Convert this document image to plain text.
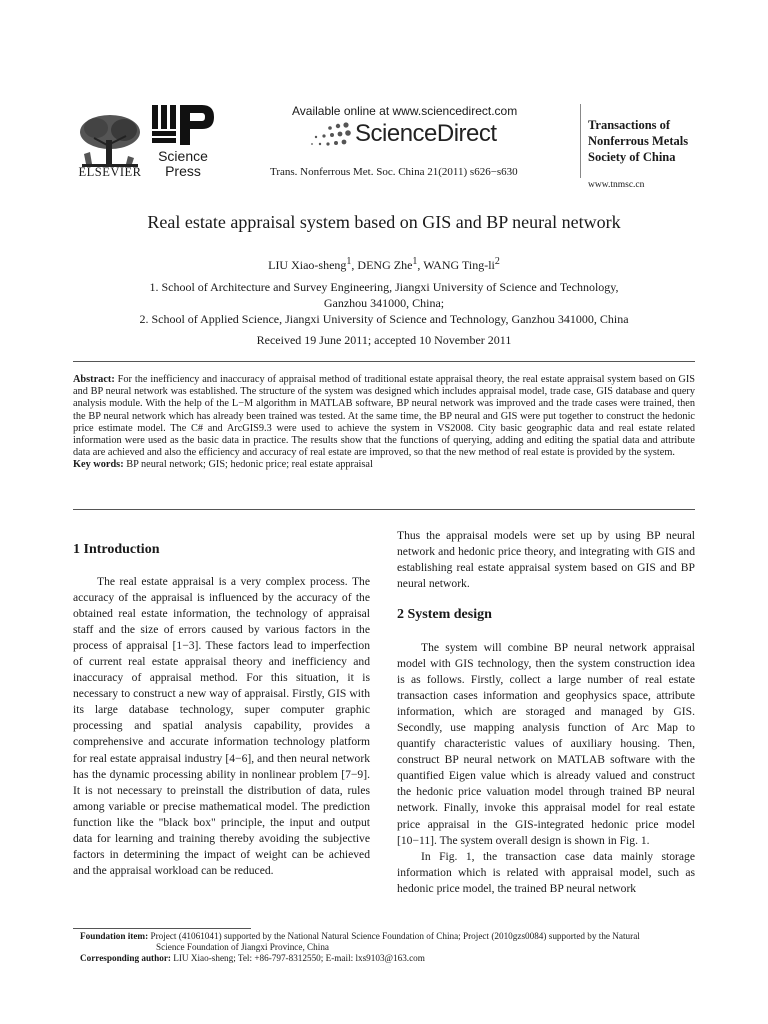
ELSEVIER
Science
Press
Available online at www.sciencedirect.com
ScienceDirect
Trans. Nonferrous Met. Soc. China 21(2011) s626−s630
Transactions of
Nonferrous Metals
Society of China
www.tnmsc.cn
Real estate appraisal system based on GIS and BP neural network
LIU Xiao-sheng$^1$, DENG Zhe$^1$, WANG Ting-$li^2$
1. School of Architecture and Survey Engineering, Jiangxi University of Science and Technology,
Ganzhou 341000, China;
2. School of Applied Science, Jiangxi University of Science and Technology, Ganzhou 341000, China
Received 19 June 2011; accepted 10 November 2011
Abstract: For the inefficiency and inaccuracy of appraisal method of traditional estate appraisal theory, the real estate appraisal system based on GIS and BP neural network was established. The structure of the system was designed which includes appraisal model, trade case, GIS database and query analysis module. With the help of the L−M algorithm in MATLAB software, BP neural network was improved and the trade cases were trained, then the BP neural network which has already been trained was tested. At the same time, the BP neural and GIS were put together to construct the hedonic price estimate model. The C# and ArcGIS9.3 were used to achieve the system in VS2008. City basic geographic data and real estate related information were used as the basic data in practice. The results show that the functions of querying, adding and editing the spatial data and attribute data are achieved and also the efficiency and accuracy of real estate are improved, so that the new method of real estate is provided by the system.
Key words: BP neural network; GIS; hedonic price; real estate appraisal
1 Introduction

The real estate appraisal is a very complex process. The accuracy of the appraisal is influenced by the accuracy of the obtained real estate information, the technology of appraisal staff and the size of errors caused by various factors in the process of appraisal [1−3]. These factors lead to imperfection of current real estate appraisal theory and inefficiency and inaccuracy of appraisal method. For this situation, it is necessary to construct a new way of appraisal. Firstly, GIS with its large database technology, super computer graphic processing and spatial analysis capability, provides a comprehensive and accurate information technology platform for real estate appraisal industry [4−6], and then neural network has the dynamic processing ability in nonlinear problem [7−9]. It is not necessary to preinstall the distribution of data, rules among variable or precise mathematical model. The prediction function like the "black box" principle, the input and output data for learning and training thereby avoiding the subjective factors in determining the impact of weight can be achieved and the appraisal workload can be reduced.

Thus the appraisal models were set up by using BP neural network and hedonic price theory, and integrating with GIS and establishing real estate appraisal system based on GIS and BP neural network.

2 System design

The system will combine BP neural network appraisal model with GIS technology, then the system construction idea is as follows. Firstly, collect a large number of real estate transaction cases information and geophysics space, attribute information, which are storaged and managed by GIS. Secondly, use mapping analysis function of Arc Map to quantify characteristic values of auxiliary housing. Then, construct BP neural network on MATLAB software with the quantified Eigen value which is already valued and construct the hedonic price valuation model through trained BP neural network. Finally, invoke this appraisal model for real estate price appraisal in the GIS-integrated hedonic price model [10−11]. The system overall design is shown in Fig. 1.

In Fig. 1, the transaction case data mainly storage information which is related with appraisal model, such as hedonic price model, the trained BP neural network

Foundation item: Project (41061041) supported by the National Natural Science Foundation of China; Project (2010gzs0084) supported by the Natural
Science Foundation of Jiangxi Province, China
Corresponding author: LIU Xiao-sheng; Tel: +86-797-8312550; E-mail: lxs9103@163.com
